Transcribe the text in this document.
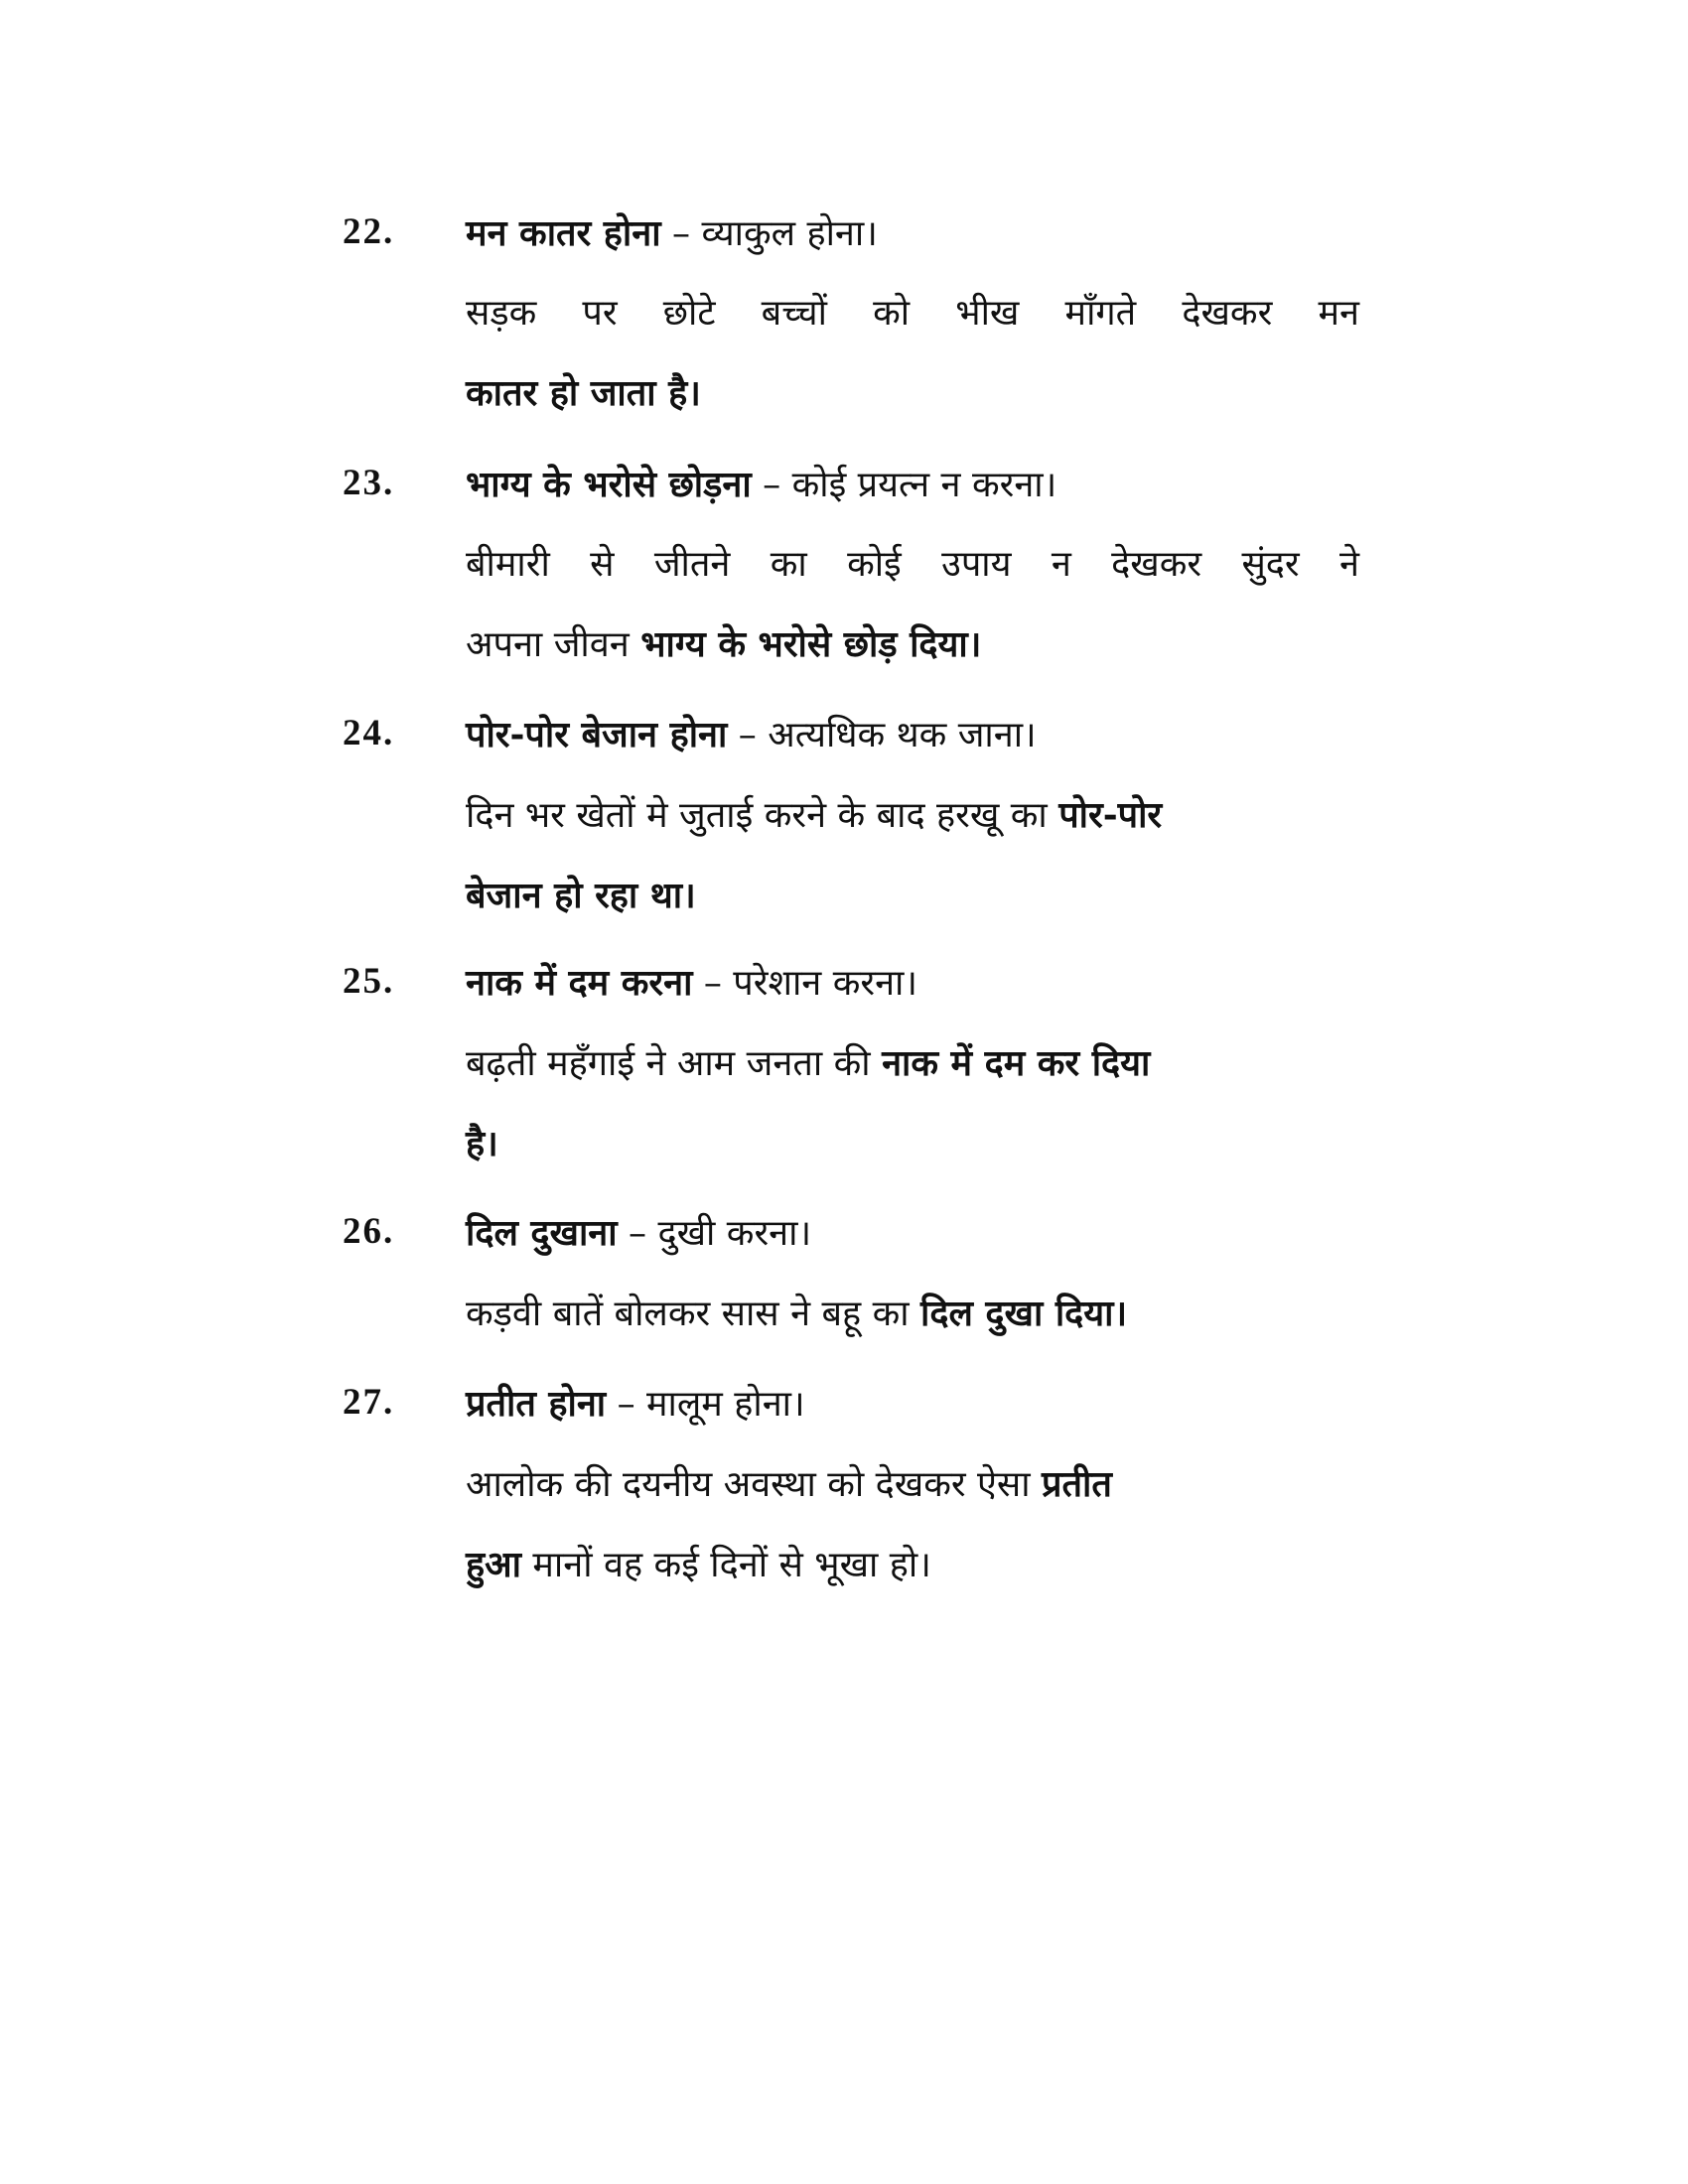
22. मन कातर होना – व्याकुल होना।
सड़क पर छोटे बच्चों को भीख माँगते देखकर मन
कातर हो जाता है।
23. भाग्य के भरोसे छोड़ना – कोई प्रयत्न न करना।
बीमारी से जीतने का कोई उपाय न देखकर सुंदर ने
अपना जीवन भाग्य के भरोसे छोड़ दिया।
24. पोर-पोर बेजान होना – अत्यधिक थक जाना।
दिन भर खेतों मे जुताई करने के बाद हरखू का पोर-पोर
बेजान हो रहा था।
25. नाक में दम करना – परेशान करना।
बढ़ती महँगाई ने आम जनता की नाक में दम कर दिया
है।
26. दिल दुखाना – दुखी करना।
कड़वी बातें बोलकर सास ने बहू का दिल दुखा दिया।
27. प्रतीत होना – मालूम होना।
आलोक की दयनीय अवस्था को देखकर ऐसा प्रतीत
हुआ मानों वह कई दिनों से भूखा हो।
